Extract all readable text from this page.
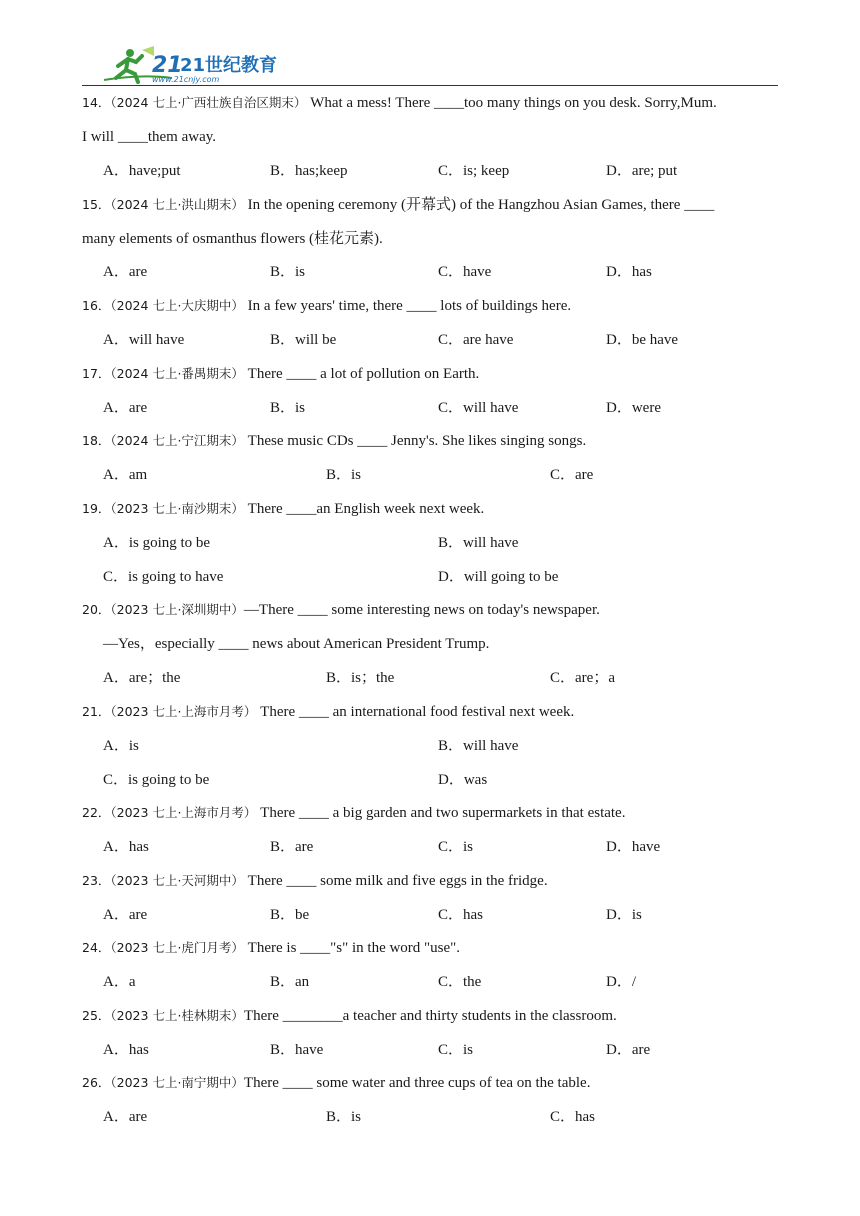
21
21世纪教育
www.21cnjy.com
14．（2024 七上·广西壮族自治区期末） What a mess! There ____too many things on you desk. Sorry,Mum.
I will ____them away.
A．have;put	B．has;keep	C．is; keep	D．are; put
15．（2024 七上·洪山期末） In the opening ceremony (开幕式) of the Hangzhou Asian Games, there ____
many elements of osmanthus flowers (桂花元素).
A．are	B．is	C．have	D．has
16．（2024 七上·大庆期中） In a few years' time, there ____ lots of buildings here.
A．will have	B．will be	C．are have	D．be have
17．（2024 七上·番禺期末） There ____ a lot of pollution on Earth.
A．are	B．is	C．will have	D．were
18．（2024 七上·宁江期末） These music CDs ____ Jenny's. She likes singing songs.
A．am	B．is	C．are
19．（2023 七上·南沙期末） There ____an English week next week.
A．is going to be	B．will have
C．is going to have	D．will going to be
20．（2023 七上·深圳期中）—There ____ some interesting news on today's newspaper.
—Yes，especially ____ news about American President Trump.
A．are；the	B．is；the	C．are；a
21．（2023 七上·上海市月考） There ____ an international food festival next week.
A．is	B．will have
C．is going to be	D．was
22．（2023 七上·上海市月考） There ____ a big garden and two supermarkets in that estate.
A．has	B．are	C．is	D．have
23．（2023 七上·天河期中） There ____ some milk and five eggs in the fridge.
A．are	B．be	C．has	D．is
24．（2023 七上·虎门月考） There is ____"s" in the word "use".
A．a	B．an	C．the	D．/
25．（2023 七上·桂林期末）There ________a teacher and thirty students in the classroom.
A．has	B．have	C．is	D．are
26．（2023 七上·南宁期中）There ____ some water and three cups of tea on the table.
A．are	B．is	C．has
